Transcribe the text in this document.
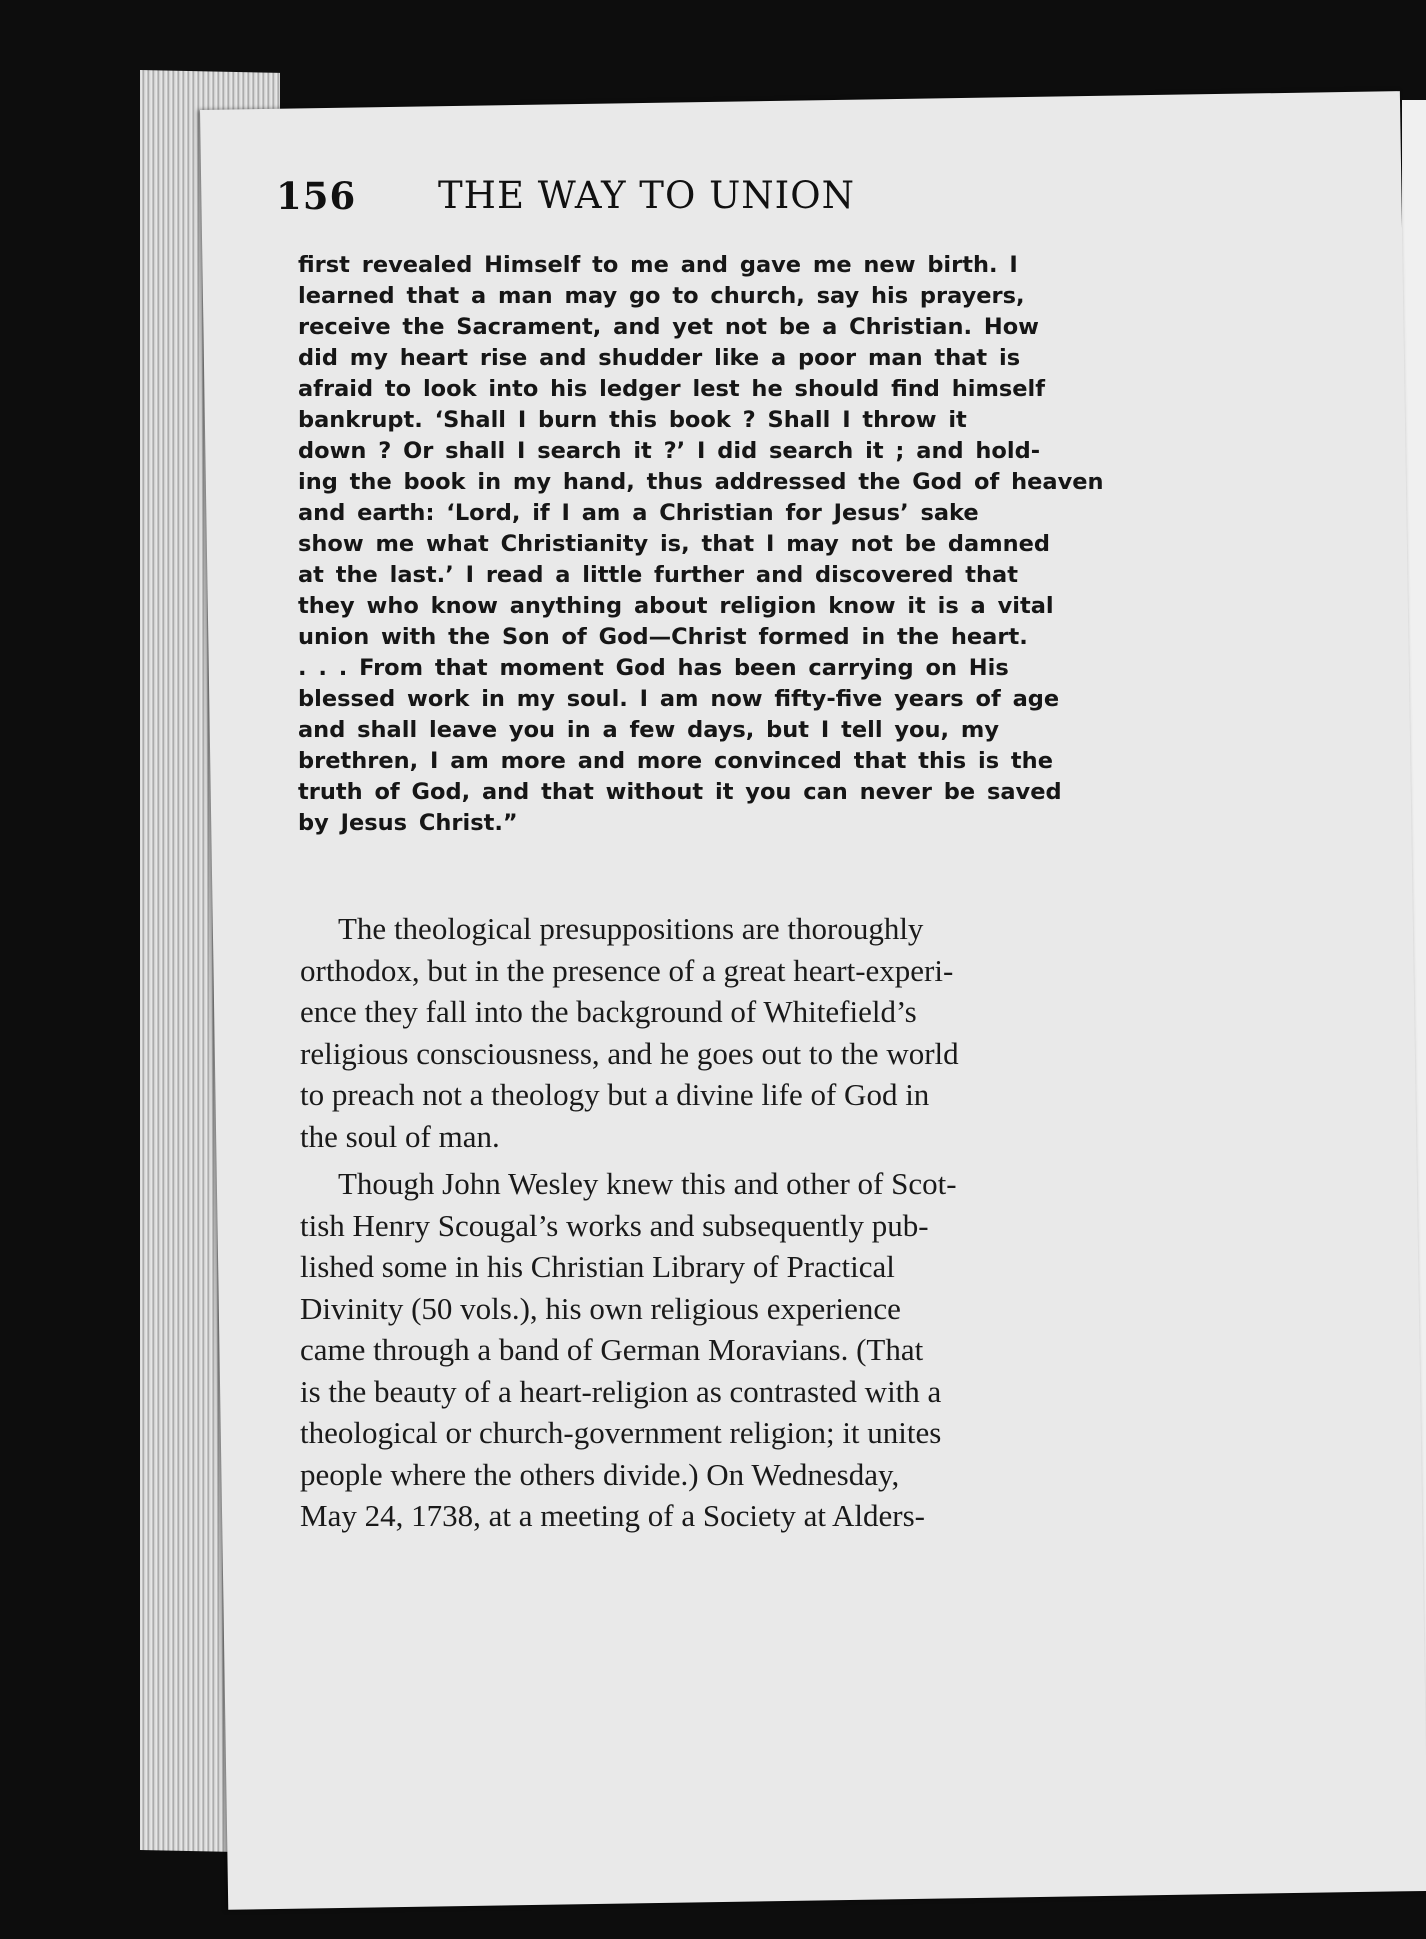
156 THE WAY TO UNION
first revealed Himself to me and gave me new birth. I
learned that a man may go to church, say his prayers,
receive the Sacrament, and yet not be a Christian. How
did my heart rise and shudder like a poor man that is
afraid to look into his ledger lest he should find himself
bankrupt. ‘Shall I burn this book ? Shall I throw it
down ? Or shall I search it ?’ I did search it ; and hold-
ing the book in my hand, thus addressed the God of heaven
and earth: ‘Lord, if I am a Christian for Jesus’ sake
show me what Christianity is, that I may not be damned
at the last.’ I read a little further and discovered that
they who know anything about religion know it is a vital
union with the Son of God—Christ formed in the heart.
. . . From that moment God has been carrying on His
blessed work in my soul. I am now fifty-five years of age
and shall leave you in a few days, but I tell you, my
brethren, I am more and more convinced that this is the
truth of God, and that without it you can never be saved
by Jesus Christ.”
The theological presuppositions are thoroughly
orthodox, but in the presence of a great heart-experi-
ence they fall into the background of Whitefield’s
religious consciousness, and he goes out to the world
to preach not a theology but a divine life of God in
the soul of man.
Though John Wesley knew this and other of Scot-
tish Henry Scougal’s works and subsequently pub-
lished some in his Christian Library of Practical
Divinity (50 vols.), his own religious experience
came through a band of German Moravians. (That
is the beauty of a heart-religion as contrasted with a
theological or church-government religion; it unites
people where the others divide.) On Wednesday,
May 24, 1738, at a meeting of a Society at Alders-
